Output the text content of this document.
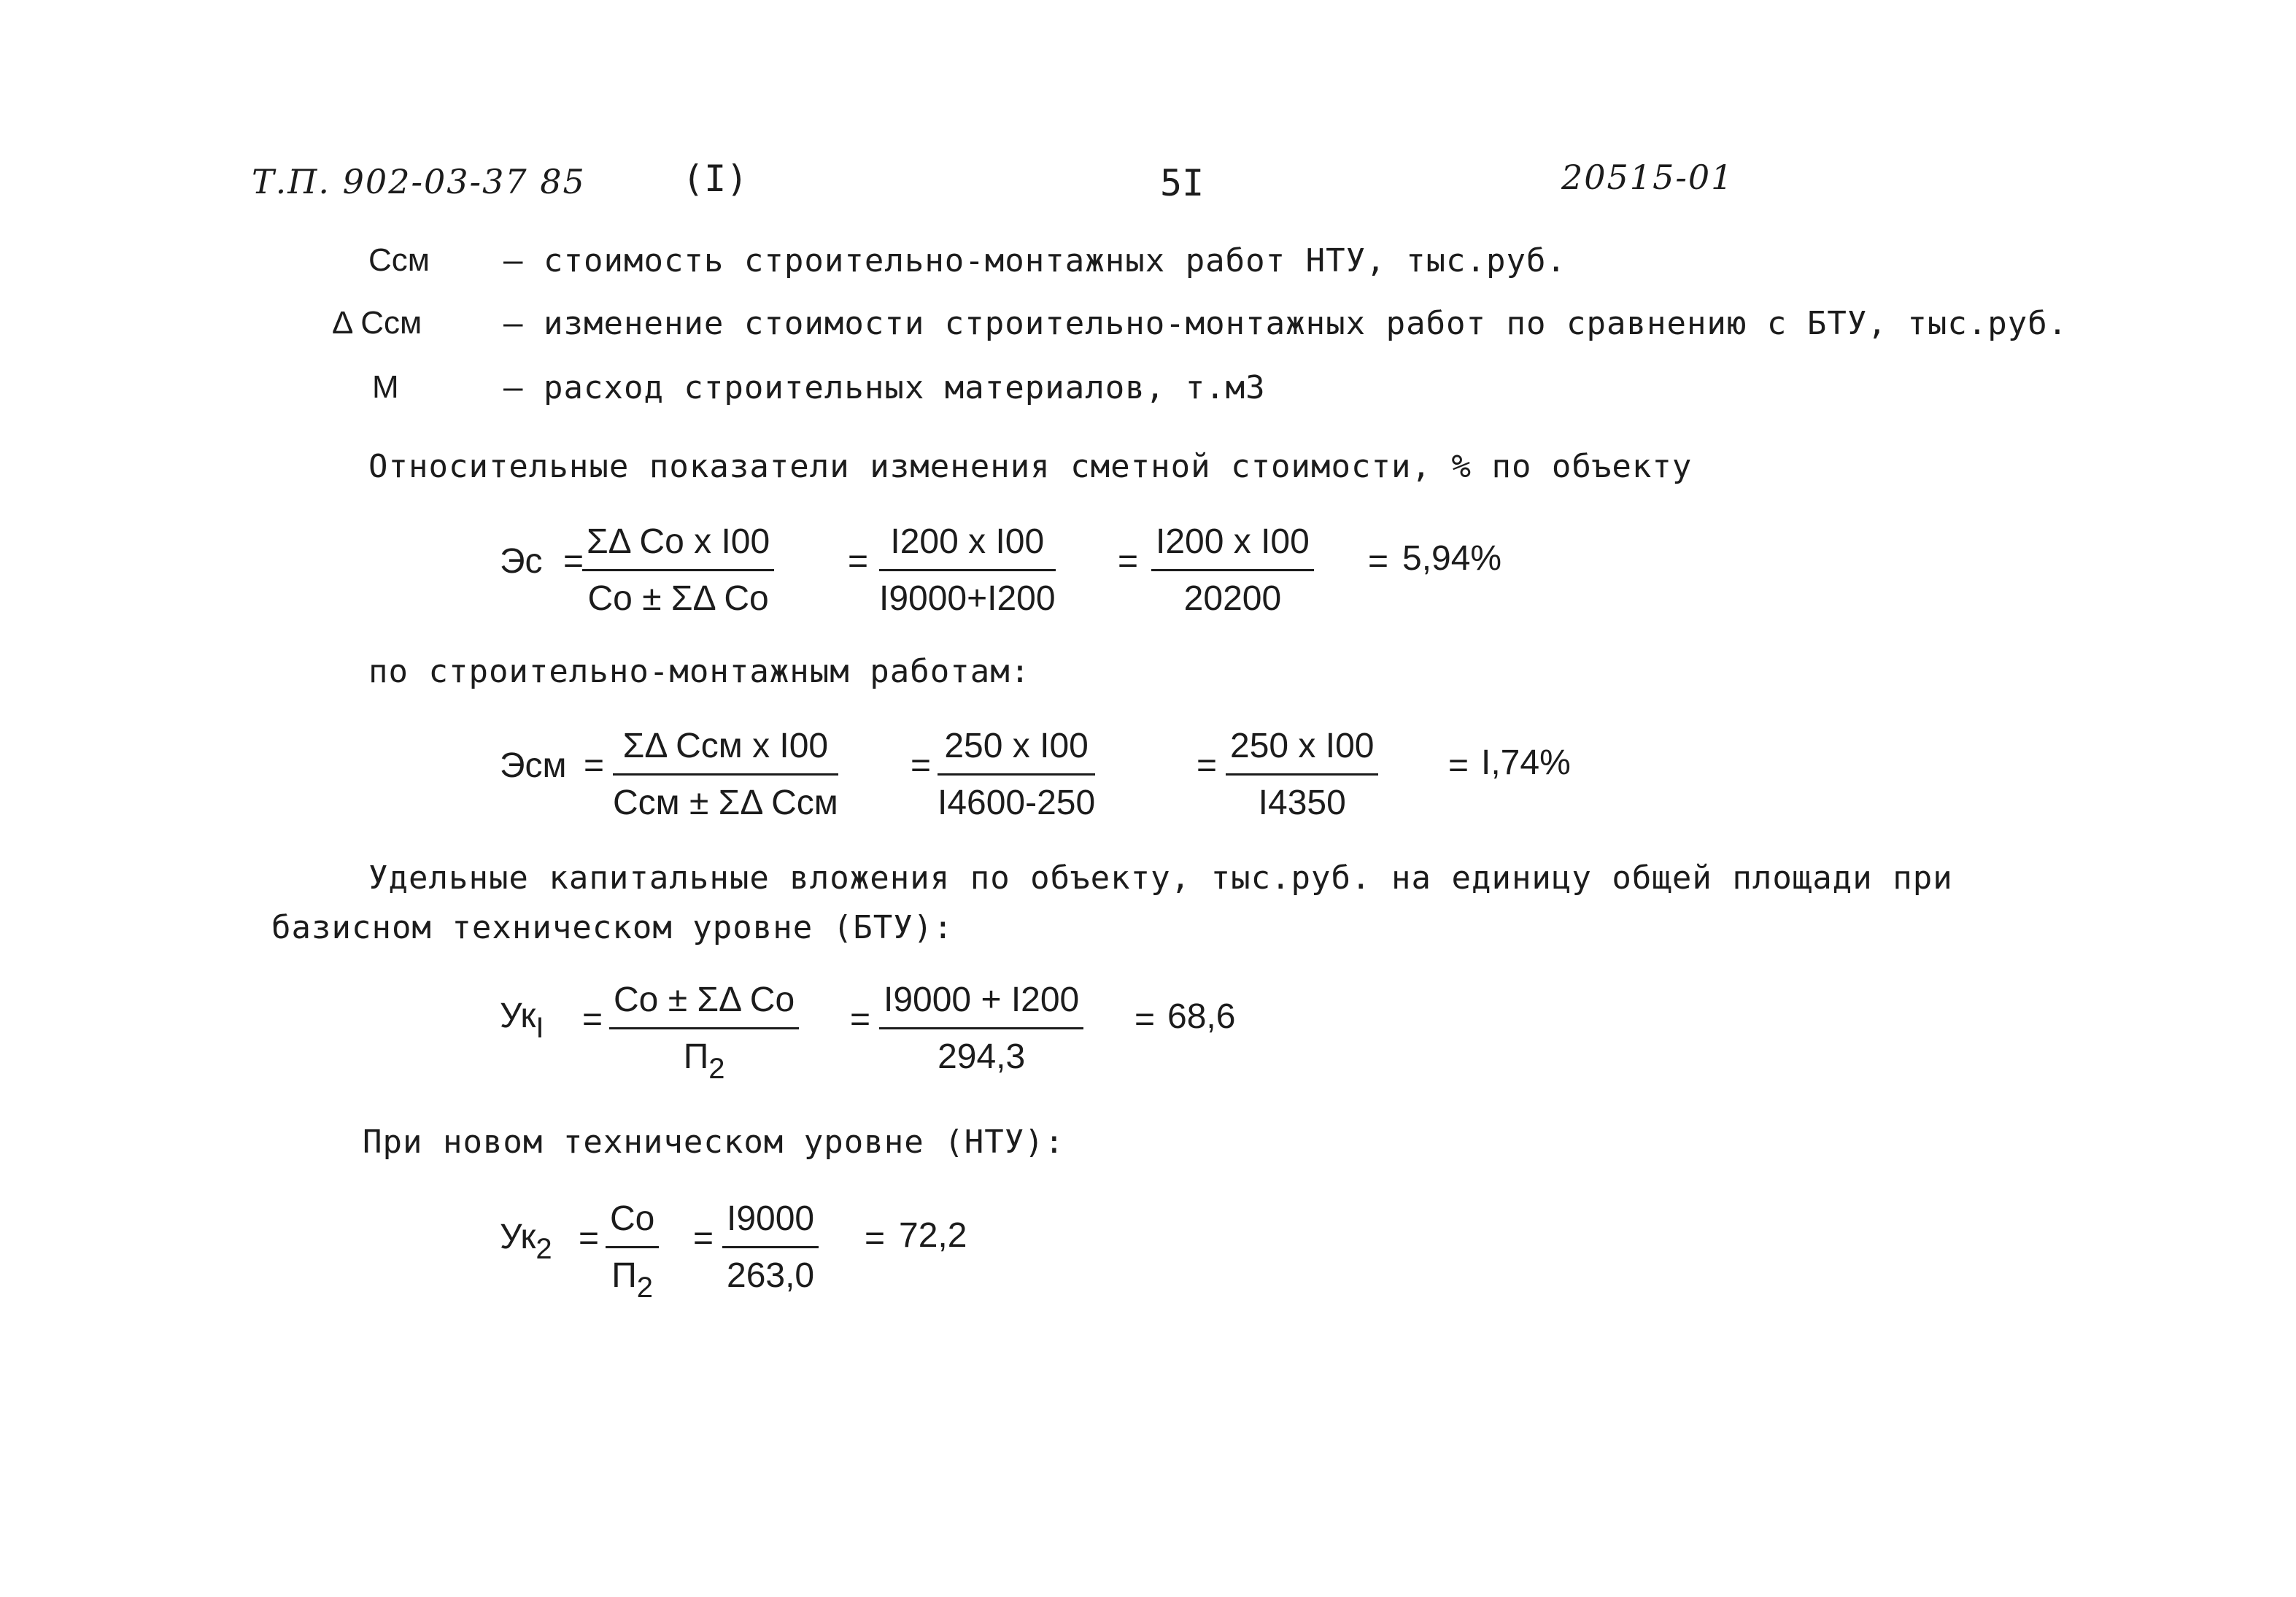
Т.П. 902-03-37 85	(I)	5I	20515-01
Ссм – стоимость строительно-монтажных работ НТУ, тыс.руб.
Δ Ссм	– изменение стоимости строительно-монтажных работ по сравнению с БТУ, тыс.руб.
М	– расход строительных материалов, т.м3
Относительные показатели изменения сметной стоимости, % по объекту
Эс =
ΣΔ Со х I00
Со ± ΣΔ Со
=
I200 х I00
I9000+I200
=
I200 х I00
20200
= 5,94%
по строительно-монтажным работам:
Эсм =
ΣΔ Ссм х I00
Ссм ± ΣΔ Ссм
=
250 х I00
I4600-250
=
250 х I00
I4350
= I,74%
Удельные капитальные вложения по объекту, тыс.руб. на единицу общей площади при
базисном техническом уровне (БТУ):
$Ук_I$ =
Со ± ΣΔ Со
$П_2$
= $\frac{I9000 + I200}{294,3} = 68,6$
При новом техническом уровне (НТУ):
$Ук_2$ =
Со
$П_2$
= $\frac{I9000}{263,0} = 72,2$
